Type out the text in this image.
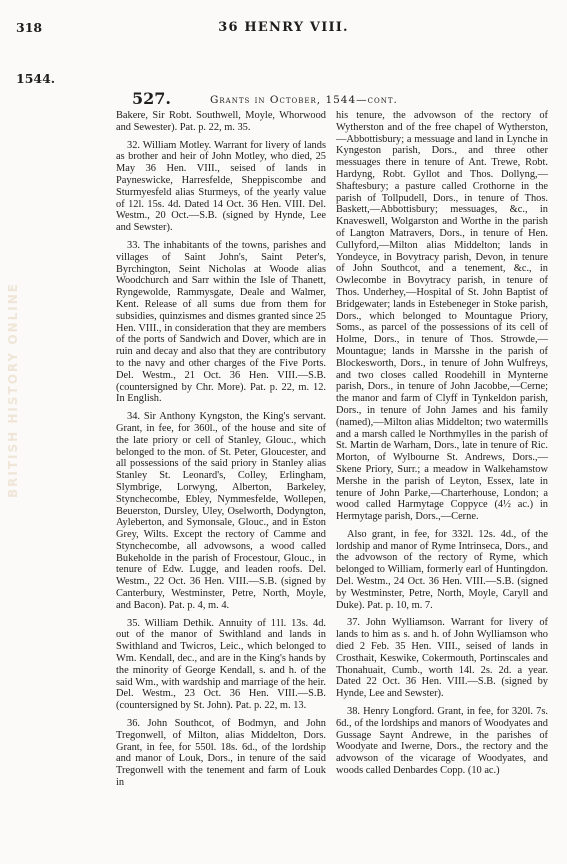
BRITISH HISTORY ONLINE
36 HENRY VIII.
318
1544.
527.	Grants in October, 1544—cont.

Bakere, Sir Robt. Southwell, Moyle, Whorwood and Sewester). Pat. p. 22, m. 35.

32. William Motley. Warrant for livery of lands as brother and heir of John Motley, who died, 25 May 36 Hen. VIII., seised of lands in Payneswicke, Harresfelde, Sheppiscombe and Sturmyesfeld alias Sturmeys, of the yearly value of 12l. 15s. 4d. Dated 14 Oct. 36 Hen. VIII. Del. Westm., 20 Oct.—S.B. (signed by Hynde, Lee and Sewster).

33. The inhabitants of the towns, parishes and villages of Saint John's, Saint Peter's, Byrchington, Seint Nicholas at Woode alias Woodchurch and Sarr within the Isle of Thanett, Ryngewolde, Rammysgate, Deale and Walmer, Kent. Release of all sums due from them for subsidies, quinzismes and dismes granted since 25 Hen. VIII., in consideration that they are members of the ports of Sandwich and Dover, which are in ruin and decay and also that they are contributory to the navy and other charges of the Five Ports. Del. Westm., 21 Oct. 36 Hen. VIII.—S.B. (countersigned by Chr. More). Pat. p. 22, m. 12. In English.

34. Sir Anthony Kyngston, the King's servant. Grant, in fee, for 360l., of the house and site of the late priory or cell of Stanley, Glouc., which belonged to the mon. of St. Peter, Gloucester, and all possessions of the said priory in Stanley alias Stanley St. Leonard's, Colley, Erlingham, Slymbrige, Lorwyng, Alberton, Barkeley, Stynchecombe, Ebley, Nymmesfelde, Wollepen, Beuerston, Dursley, Uley, Oselworth, Dodyngton, Ayleberton, and Symonsale, Glouc., and in Eston Grey, Wilts. Except the rectory of Camme and Stynchecombe, all advowsons, a wood called Bukeholde in the parish of Frocestour, Glouc., in tenure of Edw. Lugge, and leaden roofs. Del. Westm., 22 Oct. 36 Hen. VIII.—S.B. (signed by Canterbury, Westminster, Petre, North, Moyle, and Bacon). Pat. p. 4, m. 4.

35. William Dethik. Annuity of 11l. 13s. 4d. out of the manor of Swithland and lands in Swithland and Twicros, Leic., which belonged to Wm. Kendall, dec., and are in the King's hands by the minority of George Kendall, s. and h. of the said Wm., with wardship and marriage of the heir. Del. Westm., 23 Oct. 36 Hen. VIII.—S.B. (countersigned by St. John). Pat. p. 22, m. 13.

36. John Southcot, of Bodmyn, and John Tregonwell, of Milton, alias Middelton, Dors. Grant, in fee, for 550l. 18s. 6d., of the lordship and manor of Louk, Dors., in tenure of the said Tregonwell with the tenement and farm of Louk in

his tenure, the advowson of the rectory of Wytherston and of the free chapel of Wytherston,—Abbottisbury; a messuage and land in Lynche in Kyngeston parish, Dors., and three other messuages there in tenure of Ant. Trewe, Robt. Hardyng, Robt. Gyllot and Thos. Dollyng,—Shaftesbury; a pasture called Crothorne in the parish of Tollpudell, Dors., in tenure of Thos. Baskett,—Abbottisbury; messuages, &c., in Knaveswell, Wolgarston and Worthe in the parish of Langton Matravers, Dors., in tenure of Hen. Cullyford,—Milton alias Middelton; lands in Yondeyce, in Bovytracy parish, Devon, in tenure of John Southcot, and a tenement, &c., in Owlecombe in Bovytracy parish, in tenure of Thos. Underhey,—Hospital of St. John Baptist of Bridgewater; lands in Estebeneger in Stoke parish, Dors., which belonged to Mountague Priory, Soms., as parcel of the possessions of its cell of Holme, Dors., in tenure of Thos. Strowde,—Mountague; lands in Marsshe in the parish of Blockesworth, Dors., in tenure of John Wulfreys, and two closes called Roodehill in Mynterne parish, Dors., in tenure of John Jacobbe,—Cerne; the manor and farm of Clyff in Tynkeldon parish, Dors., in tenure of John James and his family (named),—Milton alias Middelton; two watermills and a marsh called le Northmylles in the parish of St. Martin de Warham, Dors., late in tenure of Ric. Morton, of Wylbourne St. Andrews, Dors.,—Skene Priory, Surr.; a meadow in Walkehamstow Mershe in the parish of Leyton, Essex, late in tenure of John Parke,—Charterhouse, London; a wood called Harmytage Coppyce (4½ ac.) in Hermytage parish, Dors.,—Cerne.

Also grant, in fee, for 332l. 12s. 4d., of the lordship and manor of Ryme Intrinseca, Dors., and the advowson of the rectory of Ryme, which belonged to William, formerly earl of Huntingdon. Del. Westm., 24 Oct. 36 Hen. VIII.—S.B. (signed by Westminster, Petre, North, Moyle, Caryll and Duke). Pat. p. 10, m. 7.

37. John Wylliamson. Warrant for livery of lands to him as s. and h. of John Wylliamson who died 2 Feb. 35 Hen. VIII., seised of lands in Crosthait, Keswike, Cokermouth, Portinscales and Thonahuait, Cumb., worth 14l. 2s. 2d. a year. Dated 22 Oct. 36 Hen. VIII.—S.B. (signed by Hynde, Lee and Sewster).

38. Henry Longford. Grant, in fee, for 320l. 7s. 6d., of the lordships and manors of Woodyates and Gussage Saynt Andrewe, in the parishes of Woodyate and Iwerne, Dors., the rectory and the advowson of the vicarage of Woodyates, and woods called Denbardes Copp. (10 ac.)
